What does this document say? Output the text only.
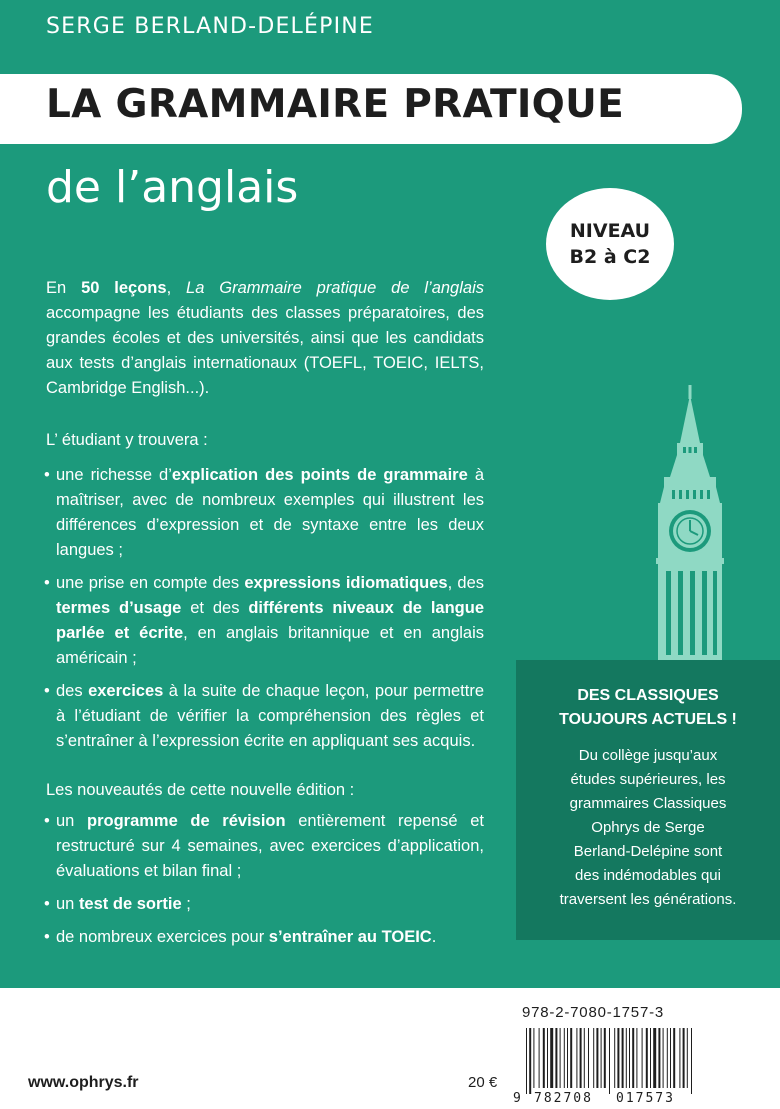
SERGE BERLAND-DELÉPINE
LA GRAMMAIRE PRATIQUE
de l’anglais
NIVEAU
B2 à C2
En 50 leçons, La Grammaire pratique de l’anglais accompagne les étudiants des classes préparatoires, des grandes écoles et des universités, ainsi que les candidats aux tests d’anglais internationaux (TOEFL, TOEIC, IELTS, Cambridge English...).
L’ étudiant y trouvera :
• une richesse d’explication des points de grammaire à maîtriser, avec de nombreux exemples qui illustrent les différences d’expression et de syntaxe entre les deux langues ;
• une prise en compte des expressions idiomatiques, des termes d’usage et des différents niveaux de langue parlée et écrite, en anglais britannique et en anglais américain ;
• des exercices à la suite de chaque leçon, pour permettre à l’étudiant de vérifier la compréhension des règles et s’entraîner à l’expression écrite en appliquant ses acquis.
Les nouveautés de cette nouvelle édition :
• un programme de révision entièrement repensé et restructuré sur 4 semaines, avec exercices d’application, évaluations et bilan final ;
• un test de sortie ;
• de nombreux exercices pour s’entraîner au TOEIC.
DES CLASSIQUES
TOUJOURS ACTUELS !
Du collège jusqu’aux
études supérieures, les
grammaires Classiques
Ophrys de Serge
Berland-Delépine sont
des indémodables qui
traversent les générations.
www.ophrys.fr	20 €
978-2-7080-1757-3
9 782708 017573
